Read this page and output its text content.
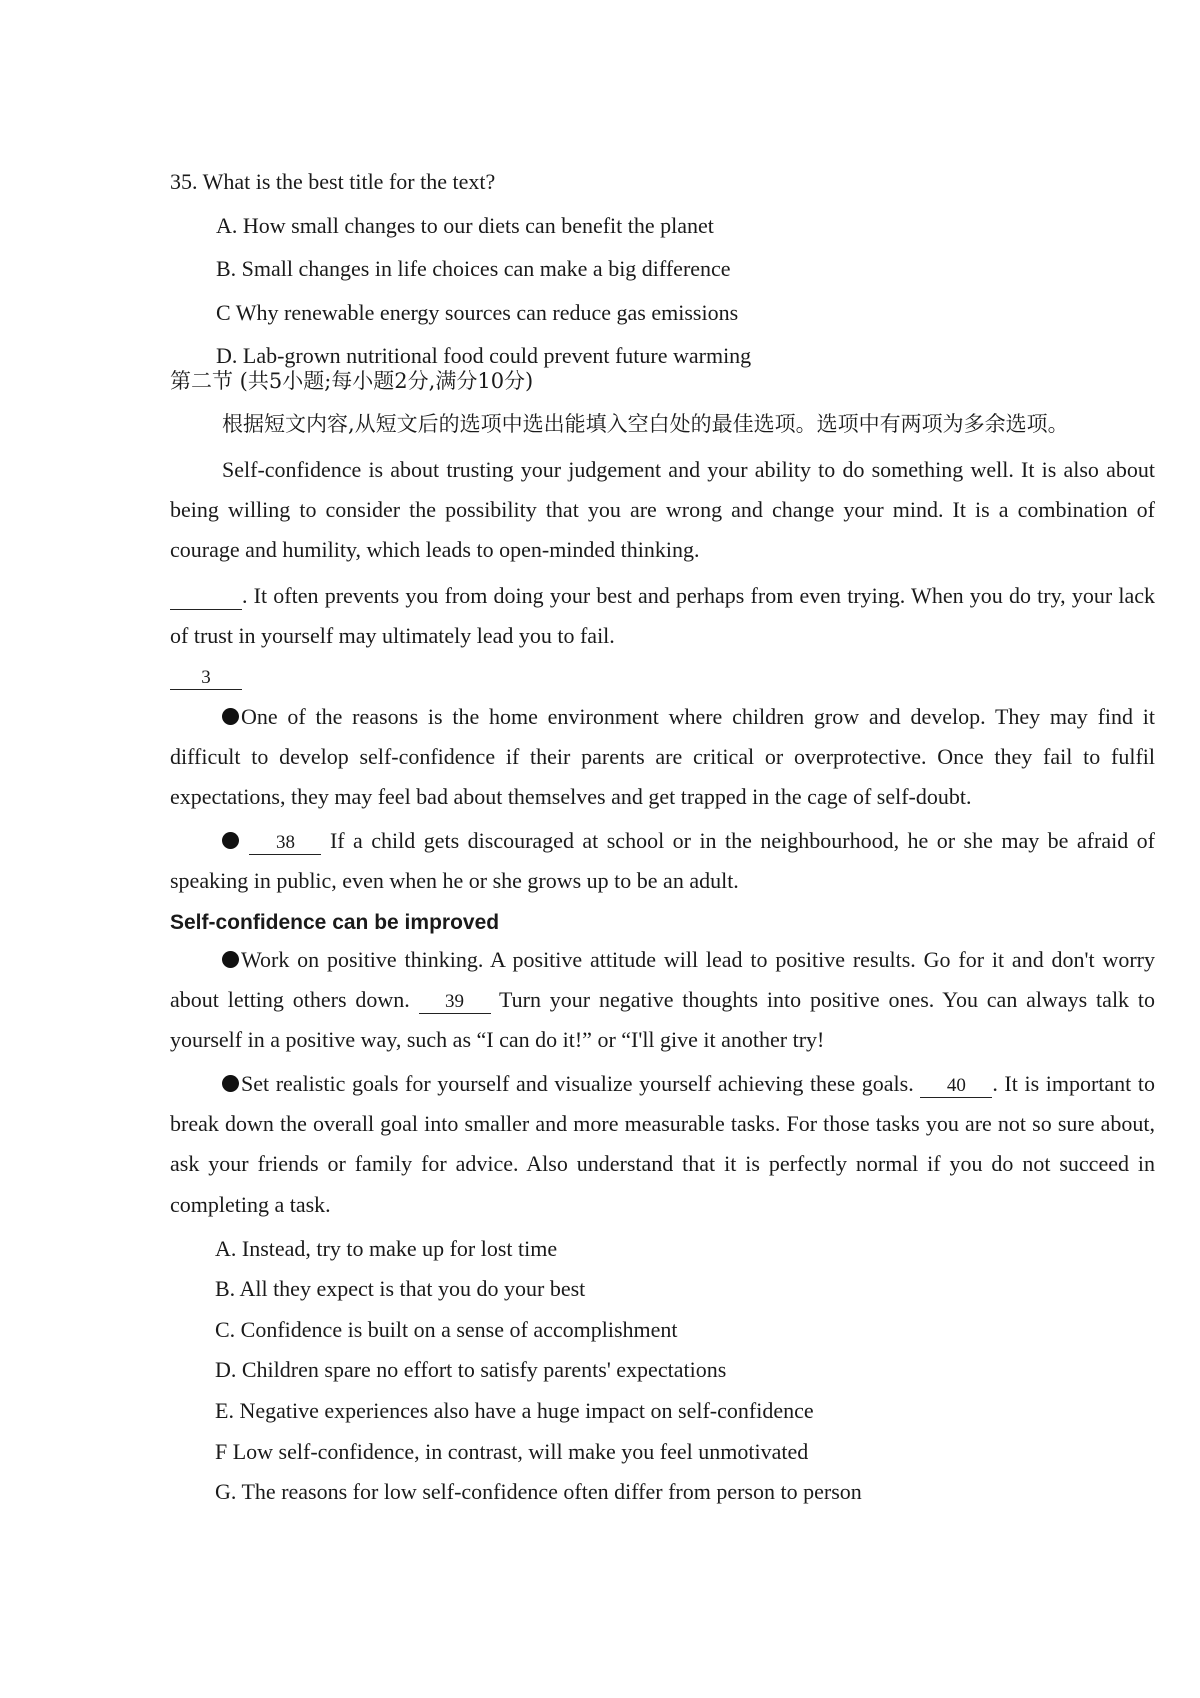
35. What is the best title for the text?
A. How small changes to our diets can benefit the planet
B. Small changes in life choices can make a big difference
C Why renewable energy sources can reduce gas emissions
D. Lab-grown nutritional food could prevent future warming
第二节 (共5小题;每小题2分,满分10分)

根据短文内容,从短文后的选项中选出能填入空白处的最佳选项。选项中有两项为多余选项。

Self-confidence is about trusting your judgement and your ability to do something well. It is also about being willing to consider the possibility that you are wrong and change your mind. It is a combination of courage and humility, which leads to open-minded thinking.

. It often prevents you from doing your best and perhaps from even trying. When you do try, your lack of trust in yourself may ultimately lead you to fail.

3

One of the reasons is the home environment where children grow and develop. They may find it difficult to develop self-confidence if their parents are critical or overprotective. Once they fail to fulfil expectations, they may feel bad about themselves and get trapped in the cage of self-doubt.

38 If a child gets discouraged at school or in the neighbourhood, he or she may be afraid of speaking in public, even when he or she grows up to be an adult.

Self-confidence can be improved

Work on positive thinking. A positive attitude will lead to positive results. Go for it and don't worry about letting others down. 39 Turn your negative thoughts into positive ones. You can always talk to yourself in a positive way, such as “I can do it!” or “I'll give it another try!

Set realistic goals for yourself and visualize yourself achieving these goals. 40 . It is important to break down the overall goal into smaller and more measurable tasks. For those tasks you are not so sure about, ask your friends or family for advice. Also understand that it is perfectly normal if you do not succeed in completing a task.

A. Instead, try to make up for lost time
B. All they expect is that you do your best
C. Confidence is built on a sense of accomplishment
D. Children spare no effort to satisfy parents' expectations
E. Negative experiences also have a huge impact on self-confidence
F Low self-confidence, in contrast, will make you feel unmotivated
G. The reasons for low self-confidence often differ from person to person
